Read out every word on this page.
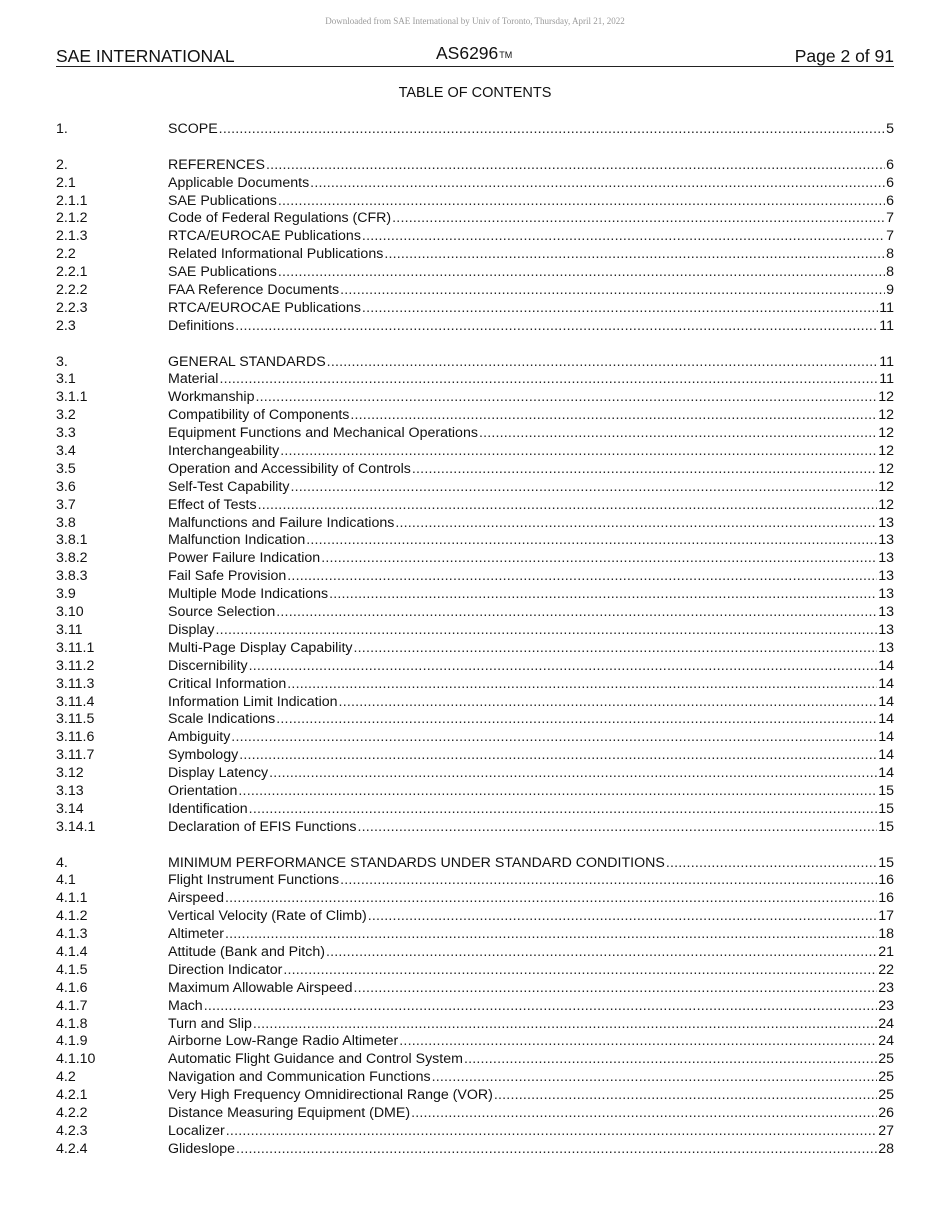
Downloaded from SAE International by Univ of Toronto, Thursday, April 21, 2022
SAE INTERNATIONAL	AS6296™	Page 2 of 91
TABLE OF CONTENTS
1.	SCOPE .....	5
2.	REFERENCES .....	6
2.1	Applicable Documents .....	6
2.1.1	SAE Publications .....	6
2.1.2	Code of Federal Regulations (CFR) .....	7
2.1.3	RTCA/EUROCAE Publications .....	7
2.2	Related Informational Publications .....	8
2.2.1	SAE Publications .....	8
2.2.2	FAA Reference Documents .....	9
2.2.3	RTCA/EUROCAE Publications .....	11
2.3	Definitions .....	11
3.	GENERAL STANDARDS .....	11
3.1	Material .....	11
3.1.1	Workmanship .....	12
3.2	Compatibility of Components .....	12
3.3	Equipment Functions and Mechanical Operations .....	12
3.4	Interchangeability .....	12
3.5	Operation and Accessibility of Controls .....	12
3.6	Self-Test Capability .....	12
3.7	Effect of Tests .....	12
3.8	Malfunctions and Failure Indications .....	13
3.8.1	Malfunction Indication .....	13
3.8.2	Power Failure Indication .....	13
3.8.3	Fail Safe Provision .....	13
3.9	Multiple Mode Indications .....	13
3.10	Source Selection .....	13
3.11	Display .....	13
3.11.1	Multi-Page Display Capability .....	13
3.11.2	Discernibility .....	14
3.11.3	Critical Information .....	14
3.11.4	Information Limit Indication .....	14
3.11.5	Scale Indications .....	14
3.11.6	Ambiguity .....	14
3.11.7	Symbology .....	14
3.12	Display Latency .....	14
3.13	Orientation .....	15
3.14	Identification .....	15
3.14.1	Declaration of EFIS Functions .....	15
4.	MINIMUM PERFORMANCE STANDARDS UNDER STANDARD CONDITIONS .....	15
4.1	Flight Instrument Functions .....	16
4.1.1	Airspeed .....	16
4.1.2	Vertical Velocity (Rate of Climb) .....	17
4.1.3	Altimeter .....	18
4.1.4	Attitude (Bank and Pitch) .....	21
4.1.5	Direction Indicator .....	22
4.1.6	Maximum Allowable Airspeed .....	23
4.1.7	Mach .....	23
4.1.8	Turn and Slip .....	24
4.1.9	Airborne Low-Range Radio Altimeter .....	24
4.1.10	Automatic Flight Guidance and Control System .....	25
4.2	Navigation and Communication Functions .....	25
4.2.1	Very High Frequency Omnidirectional Range (VOR) .....	25
4.2.2	Distance Measuring Equipment (DME) .....	26
4.2.3	Localizer .....	27
4.2.4	Glideslope .....	28
